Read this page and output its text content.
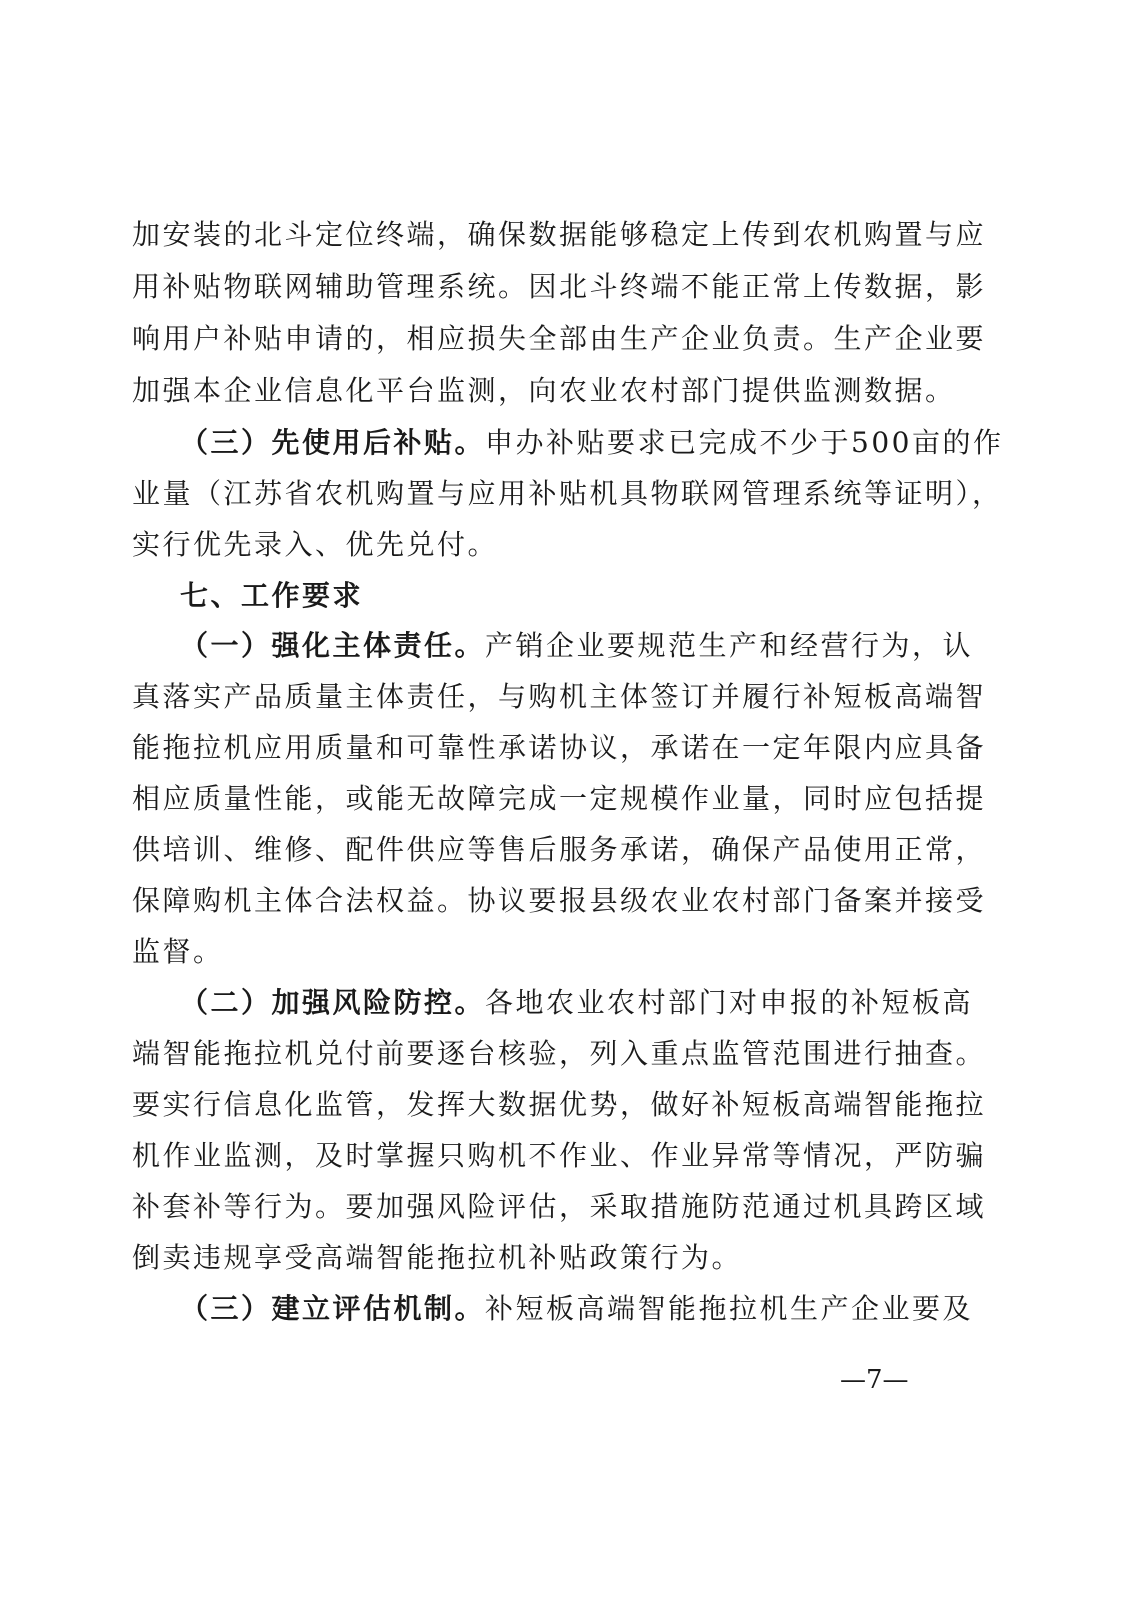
加安装的北斗定位终端，确保数据能够稳定上传到农机购置与应
用补贴物联网辅助管理系统。因北斗终端不能正常上传数据，影
响用户补贴申请的，相应损失全部由生产企业负责。生产企业要
加强本企业信息化平台监测，向农业农村部门提供监测数据。
（三）先使用后补贴。申办补贴要求已完成不少于500亩的作
业量（江苏省农机购置与应用补贴机具物联网管理系统等证明），
实行优先录入、优先兑付。
七、工作要求
（一）强化主体责任。产销企业要规范生产和经营行为，认
真落实产品质量主体责任，与购机主体签订并履行补短板高端智
能拖拉机应用质量和可靠性承诺协议，承诺在一定年限内应具备
相应质量性能，或能无故障完成一定规模作业量，同时应包括提
供培训、维修、配件供应等售后服务承诺，确保产品使用正常，
保障购机主体合法权益。协议要报县级农业农村部门备案并接受
监督。
（二）加强风险防控。各地农业农村部门对申报的补短板高
端智能拖拉机兑付前要逐台核验，列入重点监管范围进行抽查。
要实行信息化监管，发挥大数据优势，做好补短板高端智能拖拉
机作业监测，及时掌握只购机不作业、作业异常等情况，严防骗
补套补等行为。要加强风险评估，采取措施防范通过机具跨区域
倒卖违规享受高端智能拖拉机补贴政策行为。
（三）建立评估机制。补短板高端智能拖拉机生产企业要及
—7—
